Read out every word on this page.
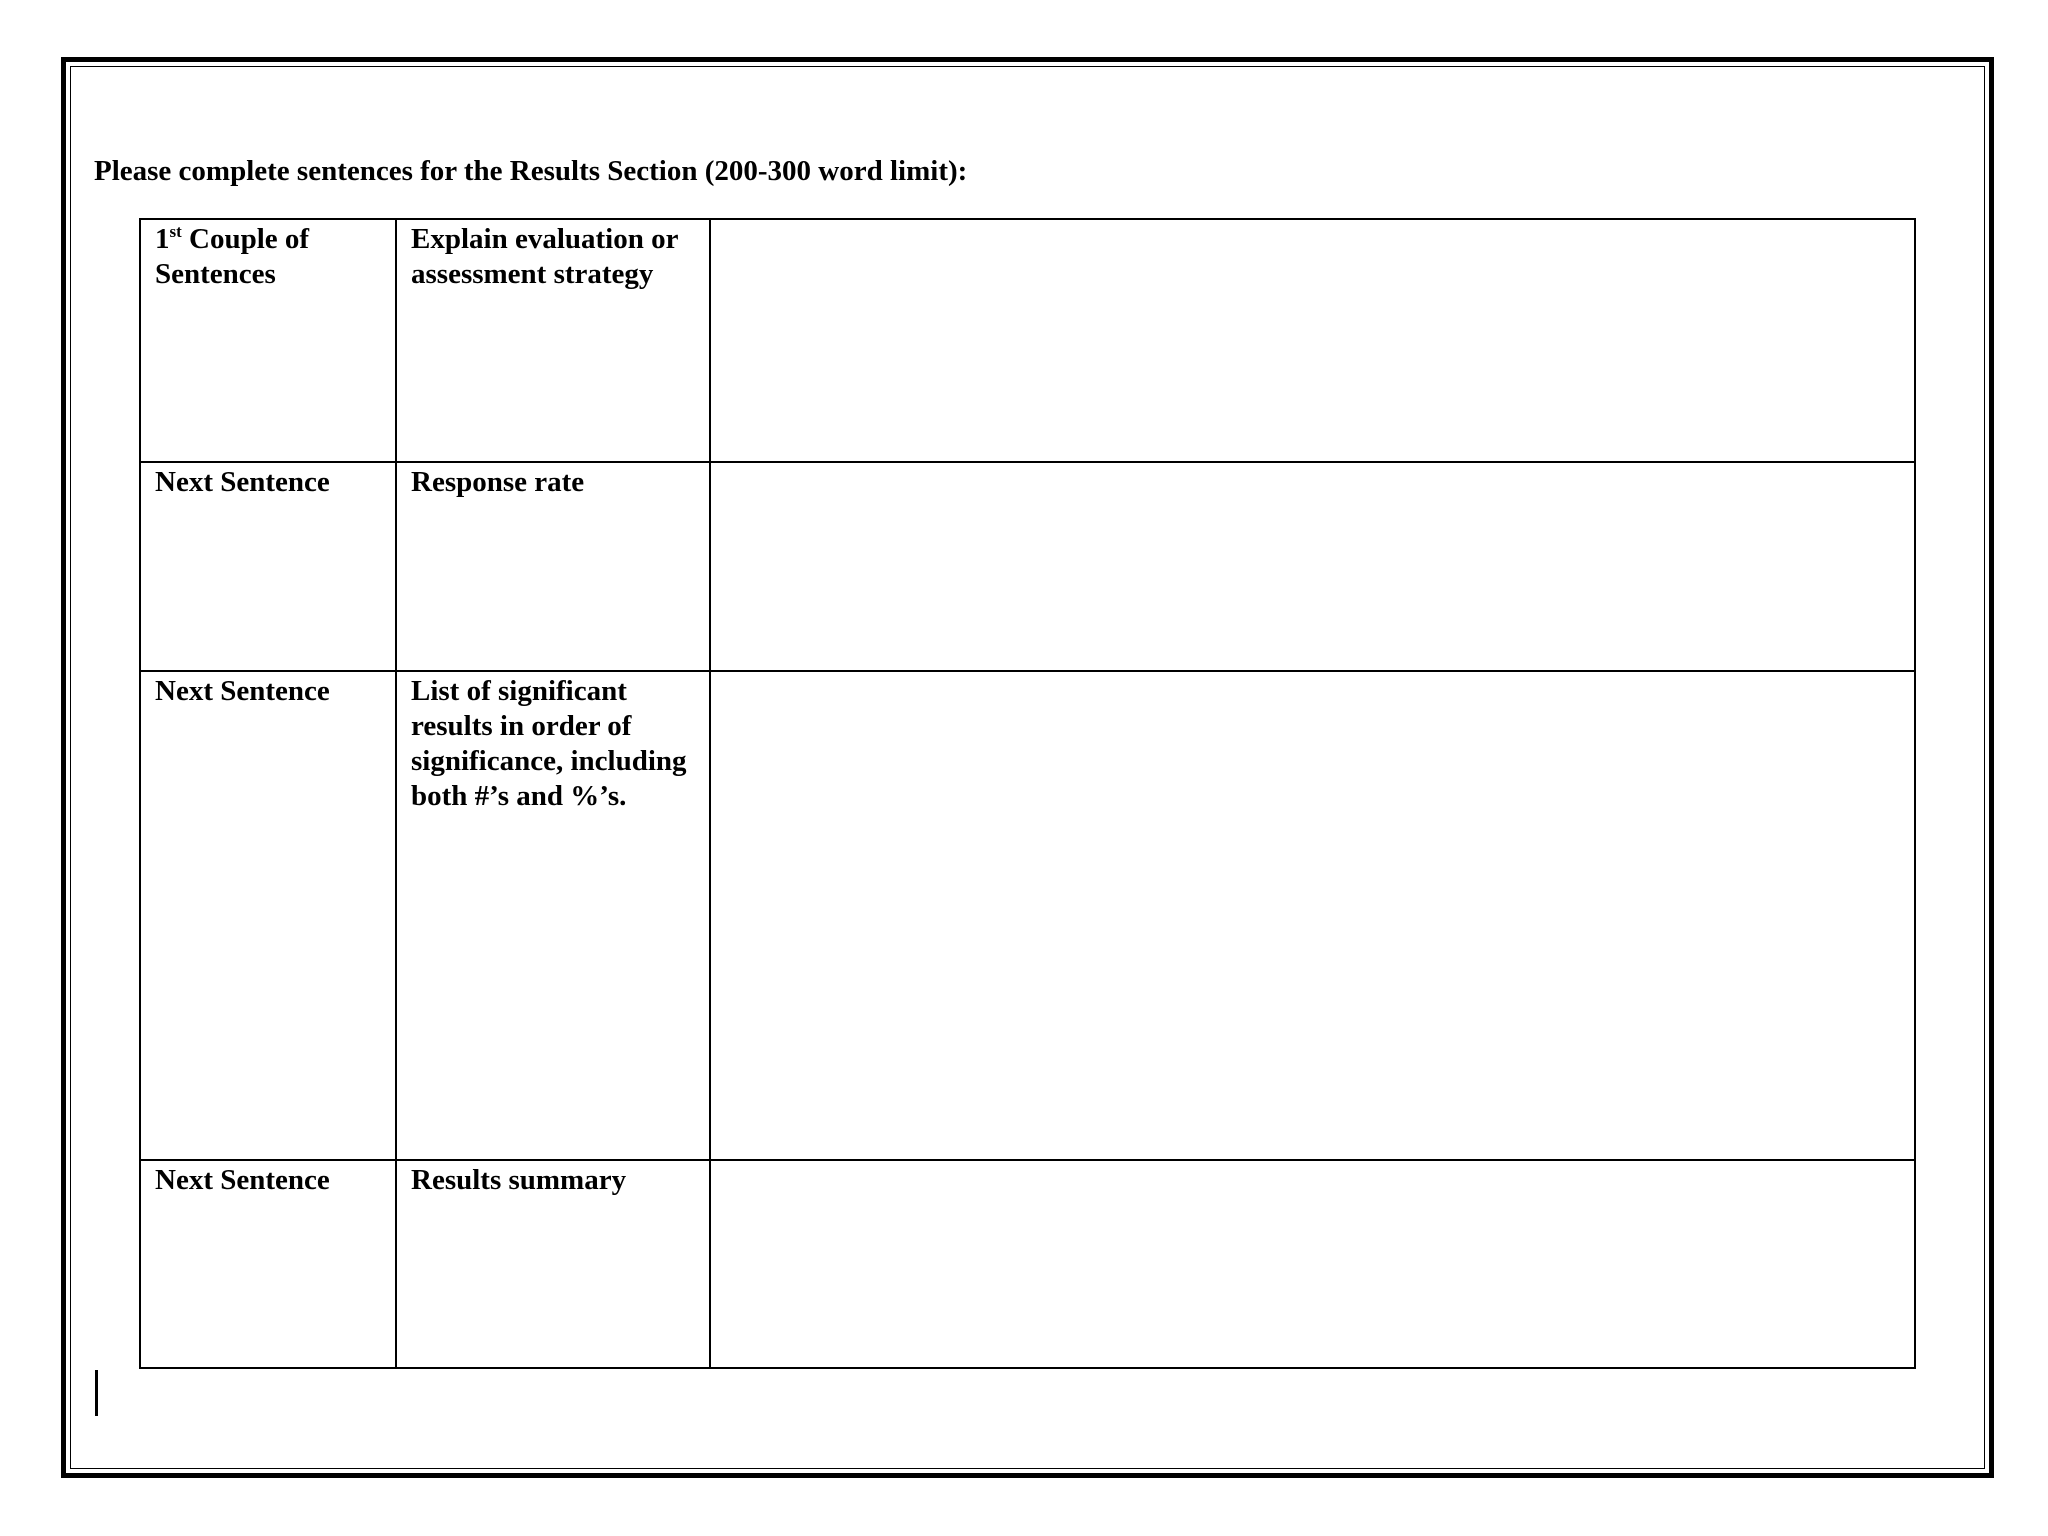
Please complete sentences for the Results Section (200-300 word limit):

1st Couple of Sentences	Explain evaluation or assessment strategy	

Next Sentence	Response rate	

Next Sentence	List of significant results in order of significance, including both #’s and %’s.	

Next Sentence	Results summary	
